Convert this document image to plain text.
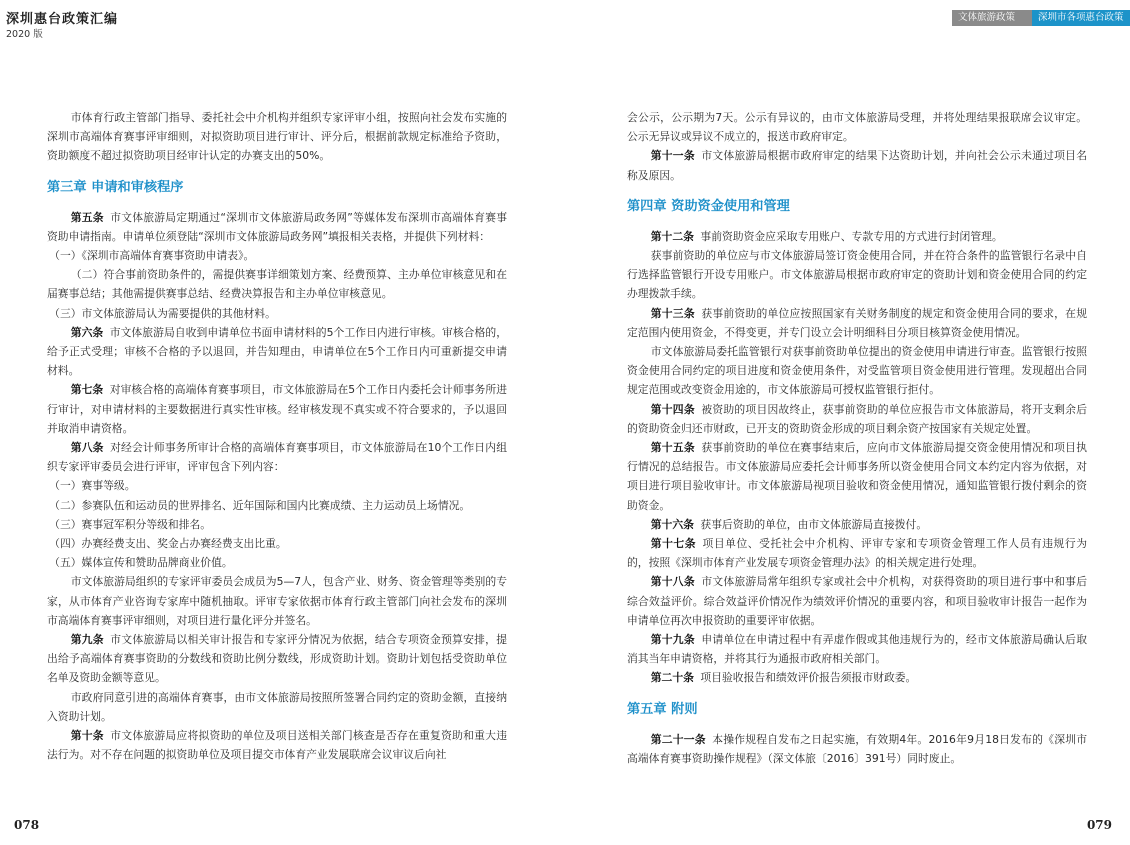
深圳惠台政策汇编
2020 版
文体旅游政策	深圳市各项惠台政策

市体育行政主管部门指导、委托社会中介机构并组织专家评审小组，按照向社会发布实施的深圳市高端体育赛事评审细则，对拟资助项目进行审计、评分后，根据前款规定标准给予资助，资助额度不超过拟资助项目经审计认定的办赛支出的50%。

第三章 申请和审核程序

第五条 市文体旅游局定期通过“深圳市文体旅游局政务网”等媒体发布深圳市高端体育赛事资助申请指南。申请单位须登陆“深圳市文体旅游局政务网”填报相关表格，并提供下列材料：

（一）《深圳市高端体育赛事资助申请表》。

（二）符合事前资助条件的，需提供赛事详细策划方案、经费预算、主办单位审核意见和在届赛事总结；其他需提供赛事总结、经费决算报告和主办单位审核意见。

（三）市文体旅游局认为需要提供的其他材料。

第六条 市文体旅游局自收到申请单位书面申请材料的5个工作日内进行审核。审核合格的，给予正式受理；审核不合格的予以退回，并告知理由，申请单位在5个工作日内可重新提交申请材料。

第七条 对审核合格的高端体育赛事项目，市文体旅游局在5个工作日内委托会计师事务所进行审计，对申请材料的主要数据进行真实性审核。经审核发现不真实或不符合要求的，予以退回并取消申请资格。

第八条 对经会计师事务所审计合格的高端体育赛事项目，市文体旅游局在10个工作日内组织专家评审委员会进行评审，评审包含下列内容：

（一）赛事等级。

（二）参赛队伍和运动员的世界排名、近年国际和国内比赛成绩、主力运动员上场情况。

（三）赛事冠军积分等级和排名。

（四）办赛经费支出、奖金占办赛经费支出比重。

（五）媒体宣传和赞助品牌商业价值。

市文体旅游局组织的专家评审委员会成员为5—7人，包含产业、财务、资金管理等类别的专家，从市体育产业咨询专家库中随机抽取。评审专家依据市体育行政主管部门向社会发布的深圳市高端体育赛事评审细则，对项目进行量化评分并签名。

第九条 市文体旅游局以相关审计报告和专家评分情况为依据，结合专项资金预算安排，提出给予高端体育赛事资助的分数线和资助比例分数线，形成资助计划。资助计划包括受资助单位名单及资助金额等意见。

市政府同意引进的高端体育赛事，由市文体旅游局按照所签署合同约定的资助金额，直接纳入资助计划。

第十条 市文体旅游局应将拟资助的单位及项目送相关部门核查是否存在重复资助和重大违法行为。对不存在问题的拟资助单位及项目提交市体育产业发展联席会议审议后向社

会公示，公示期为7天。公示有异议的，由市文体旅游局受理，并将处理结果报联席会议审定。公示无异议或异议不成立的，报送市政府审定。

第十一条 市文体旅游局根据市政府审定的结果下达资助计划，并向社会公示未通过项目名称及原因。

第四章 资助资金使用和管理

第十二条 事前资助资金应采取专用账户、专款专用的方式进行封闭管理。

获事前资助的单位应与市文体旅游局签订资金使用合同，并在符合条件的监管银行名录中自行选择监管银行开设专用账户。市文体旅游局根据市政府审定的资助计划和资金使用合同的约定办理拨款手续。

第十三条 获事前资助的单位应按照国家有关财务制度的规定和资金使用合同的要求，在规定范围内使用资金，不得变更，并专门设立会计明细科目分项目核算资金使用情况。

市文体旅游局委托监管银行对获事前资助单位提出的资金使用申请进行审查。监管银行按照资金使用合同约定的项目进度和资金使用条件，对受监管项目资金使用进行管理。发现超出合同规定范围或改变资金用途的，市文体旅游局可授权监管银行拒付。

第十四条 被资助的项目因故终止，获事前资助的单位应报告市文体旅游局，将开支剩余后的资助资金归还市财政，已开支的资助资金形成的项目剩余资产按国家有关规定处置。

第十五条 获事前资助的单位在赛事结束后，应向市文体旅游局提交资金使用情况和项目执行情况的总结报告。市文体旅游局应委托会计师事务所以资金使用合同文本约定内容为依据，对项目进行项目验收审计。市文体旅游局视项目验收和资金使用情况，通知监管银行拨付剩余的资助资金。

第十六条 获事后资助的单位，由市文体旅游局直接拨付。

第十七条 项目单位、受托社会中介机构、评审专家和专项资金管理工作人员有违规行为的，按照《深圳市体育产业发展专项资金管理办法》的相关规定进行处理。

第十八条 市文体旅游局常年组织专家或社会中介机构，对获得资助的项目进行事中和事后综合效益评价。综合效益评价情况作为绩效评价情况的重要内容，和项目验收审计报告一起作为申请单位再次申报资助的重要评审依据。

第十九条 申请单位在申请过程中有弄虚作假或其他违规行为的，经市文体旅游局确认后取消其当年申请资格，并将其行为通报市政府相关部门。

第二十条 项目验收报告和绩效评价报告须报市财政委。

第五章 附则

第二十一条 本操作规程自发布之日起实施，有效期4年。2016年9月18日发布的《深圳市高端体育赛事资助操作规程》（深文体旅〔2016〕391号）同时废止。

078	079
